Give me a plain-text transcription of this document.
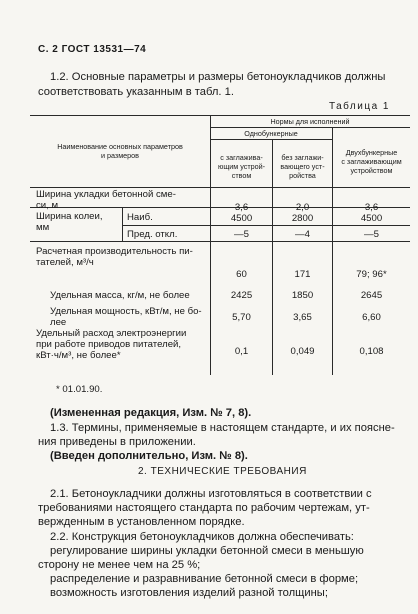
С. 2 ГОСТ 13531—74
1.2. Основные параметры и размеры бетоноукладчиков должны
соответствовать указанным в табл. 1.
Таблица 1
Наименование основных параметров
и размеров
Нормы для исполнений
Однобункерные
с заглажива-
ющим устрой-
ством
без заглажи-
вающего уст-
ройства
Двухбункерные
с заглаживающим
устройством
Ширина укладки бетонной сме-
си, м	3,6	2,0	3,6
Ширина колеи,
мм
Наиб.	4500	2800	4500
Пред. откл.	—5	—4	—5
Расчетная производительность пи-
тателей, м³/ч
60	171	79; 96*
Удельная масса, кг/м, не более	2425	1850	2645
Удельная мощность, кВт/м, не бо-
лее	5,70	3,65	6,60
Удельный расход электроэнергии
при работе приводов питателей,
кВт·ч/м³, не более*	0,1	0,049	0,108
* 01.01.90.
(Измененная редакция, Изм. № 7, 8).
1.3. Термины, применяемые в настоящем стандарте, и их поясне-
ния приведены в приложении.
(Введен дополнительно, Изм. № 8).
2. ТЕХНИЧЕСКИЕ ТРЕБОВАНИЯ
2.1. Бетоноукладчики должны изготовляться в соответствии с
требованиями настоящего стандарта по рабочим чертежам, ут-
вержденным в установленном порядке.
2.2. Конструкция бетоноукладчиков должна обеспечивать:
регулирование ширины укладки бетонной смеси в меньшую
сторону не менее чем на 25 %;
распределение и разравнивание бетонной смеси в форме;
возможность изготовления изделий разной толщины;
